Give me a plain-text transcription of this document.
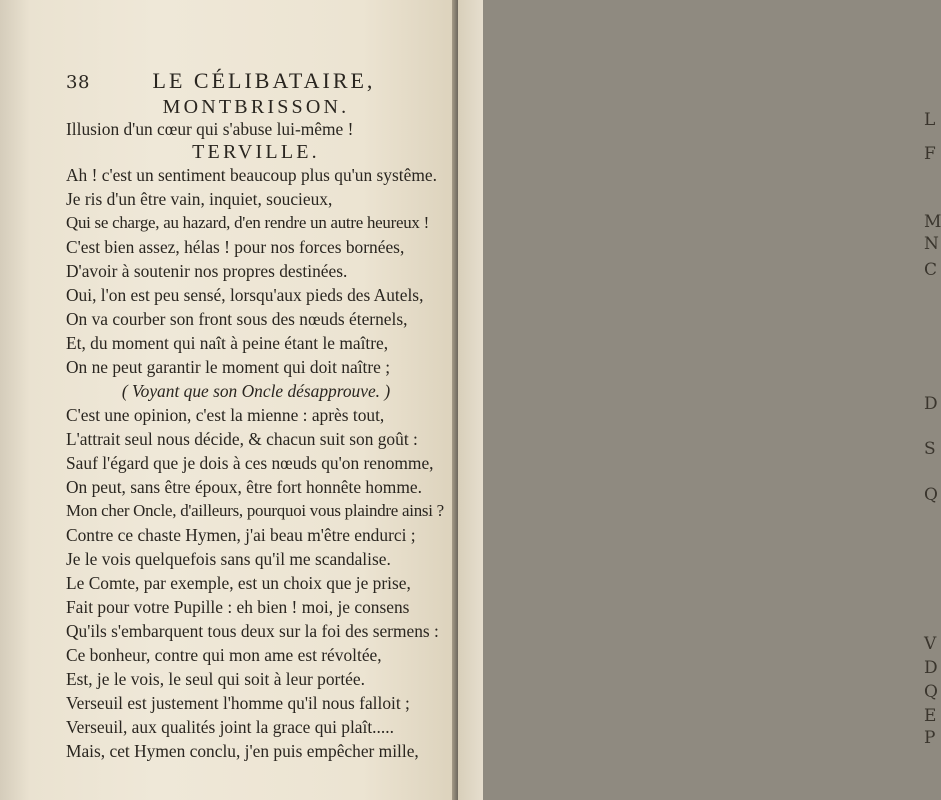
L
F
M
N
C
D
S
Q
V
D
Q
E
P
38	LE CÉLIBATAIRE,
MONTBRISSON.
Illusion d'un cœur qui s'abuse lui-même !
TERVILLE.
Ah ! c'est un sentiment beaucoup plus qu'un systême.
Je ris d'un être vain, inquiet, soucieux,
Qui se charge, au hazard, d'en rendre un autre heureux !
C'est bien assez, hélas ! pour nos forces bornées,
D'avoir à soutenir nos propres destinées.
Oui, l'on est peu sensé, lorsqu'aux pieds des Autels,
On va courber son front sous des nœuds éternels,
Et, du moment qui naît à peine étant le maître,
On ne peut garantir le moment qui doit naître ;
( Voyant que son Oncle désapprouve. )
C'est une opinion, c'est la mienne : après tout,
L'attrait seul nous décide, & chacun suit son goût :
Sauf l'égard que je dois à ces nœuds qu'on renomme,
On peut, sans être époux, être fort honnête homme.
Mon cher Oncle, d'ailleurs, pourquoi vous plaindre ainsi ?
Contre ce chaste Hymen, j'ai beau m'être endurci ;
Je le vois quelquefois sans qu'il me scandalise.
Le Comte, par exemple, est un choix que je prise,
Fait pour votre Pupille : eh bien ! moi, je consens
Qu'ils s'embarquent tous deux sur la foi des sermens :
Ce bonheur, contre qui mon ame est révoltée,
Est, je le vois, le seul qui soit à leur portée.
Verseuil est justement l'homme qu'il nous falloit ;
Verseuil, aux qualités joint la grace qui plaît.....
Mais, cet Hymen conclu, j'en puis empêcher mille,
